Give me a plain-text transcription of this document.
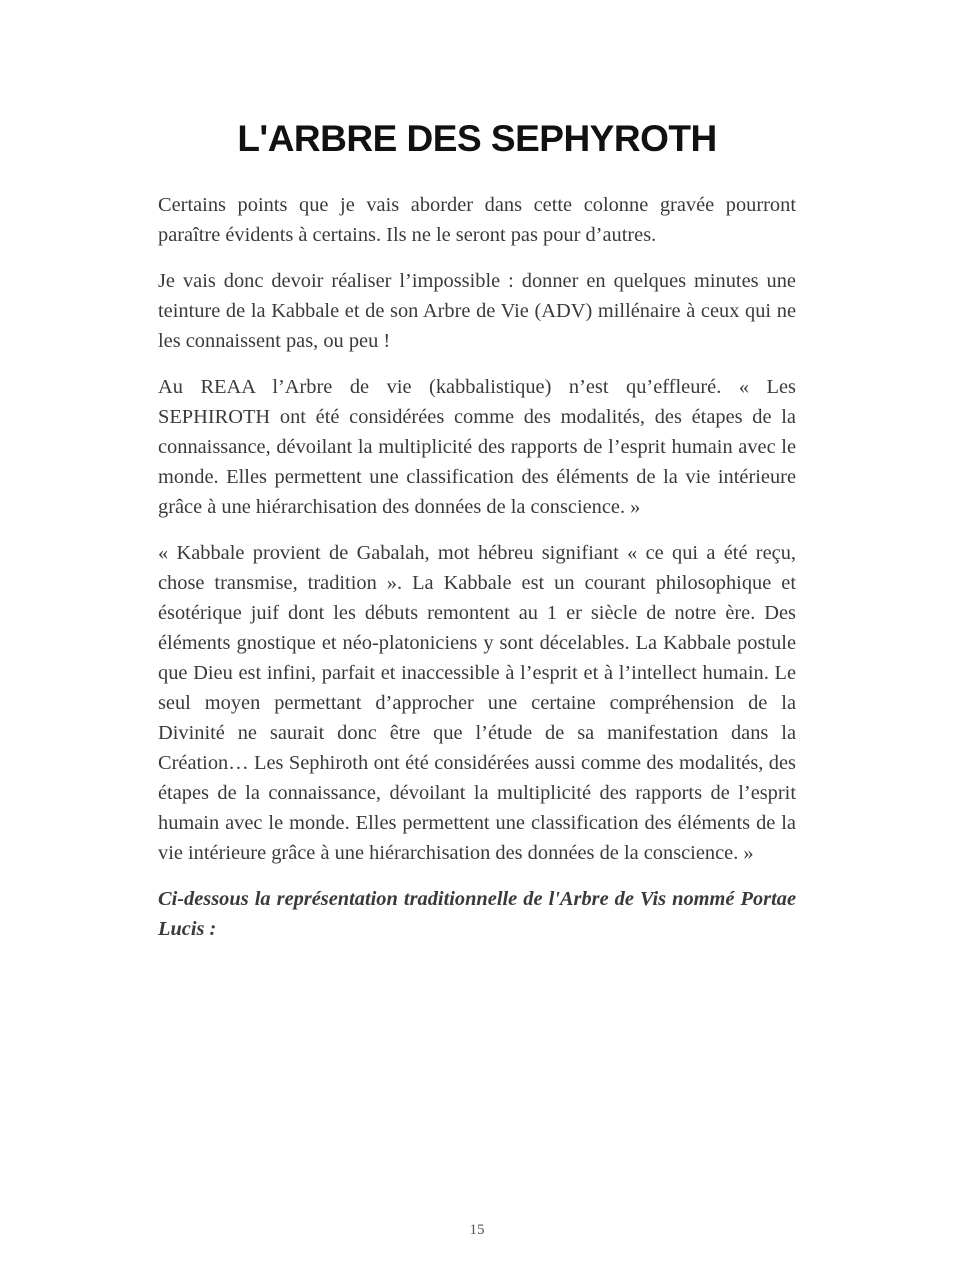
L'ARBRE DES SEPHYROTH

Certains points que je vais aborder dans cette colonne gravée pourront paraître évidents à certains. Ils ne le seront pas pour d’autres.

Je vais donc devoir réaliser l’impossible : donner en quelques minutes une teinture de la Kabbale et de son Arbre de Vie (ADV) millénaire à ceux qui ne les connaissent pas, ou peu !

Au REAA l’Arbre de vie (kabbalistique) n’est qu’effleuré. « Les SEPHIROTH ont été considérées comme des modalités, des étapes de la connaissance, dévoilant la multiplicité des rapports de l’esprit humain avec le monde. Elles permettent une classification des éléments de la vie intérieure grâce à une hiérarchisation des données de la conscience. »

« Kabbale provient de Gabalah, mot hébreu signifiant « ce qui a été reçu, chose transmise, tradition ». La Kabbale est un courant philosophique et ésotérique juif dont les débuts remontent au 1 er siècle de notre ère. Des éléments gnostique et néo-platoniciens y sont décelables. La Kabbale postule que Dieu est infini, parfait et inaccessible à l’esprit et à l’intellect humain. Le seul moyen permettant d’approcher une certaine compréhension de la Divinité ne saurait donc être que l’étude de sa manifestation dans la Création… Les Sephiroth ont été considérées aussi comme des modalités, des étapes de la connaissance, dévoilant la multiplicité des rapports de l’esprit humain avec le monde. Elles permettent une classification des éléments de la vie intérieure grâce à une hiérarchisation des données de la conscience. »

Ci-dessous la représentation traditionnelle de l'Arbre de Vis nommé Portae Lucis :

15
